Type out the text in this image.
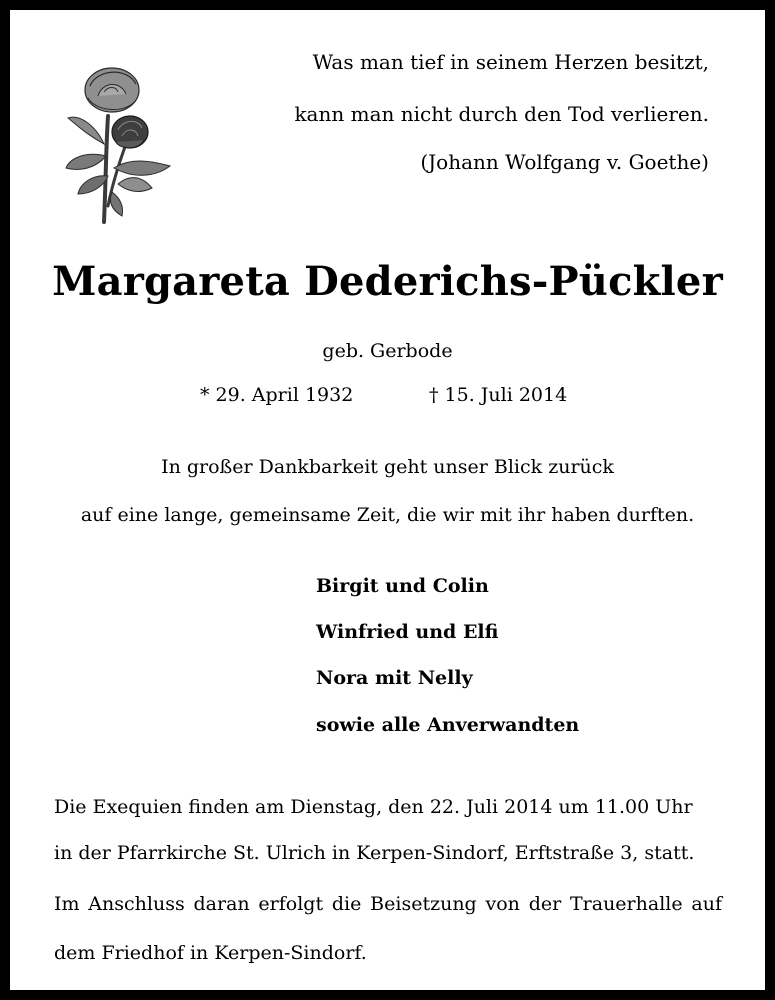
Was man tief in seinem Herzen besitzt,
kann man nicht durch den Tod verlieren.
(Johann Wolfgang v. Goethe)
Margareta Dederichs-Pückler
geb. Gerbode
* 29. April 1932	† 15. Juli 2014
In großer Dankbarkeit geht unser Blick zurück
auf eine lange, gemeinsame Zeit, die wir mit ihr haben durften.
Birgit und Colin
Winfried und Elfi
Nora mit Nelly
sowie alle Anverwandten
Die Exequien finden am Dienstag, den 22. Juli 2014 um 11.00 Uhr
in der Pfarrkirche St. Ulrich in Kerpen-Sindorf, Erftstraße 3, statt.
Im Anschluss daran erfolgt die Beisetzung von der Trauerhalle auf
dem Friedhof in Kerpen-Sindorf.
